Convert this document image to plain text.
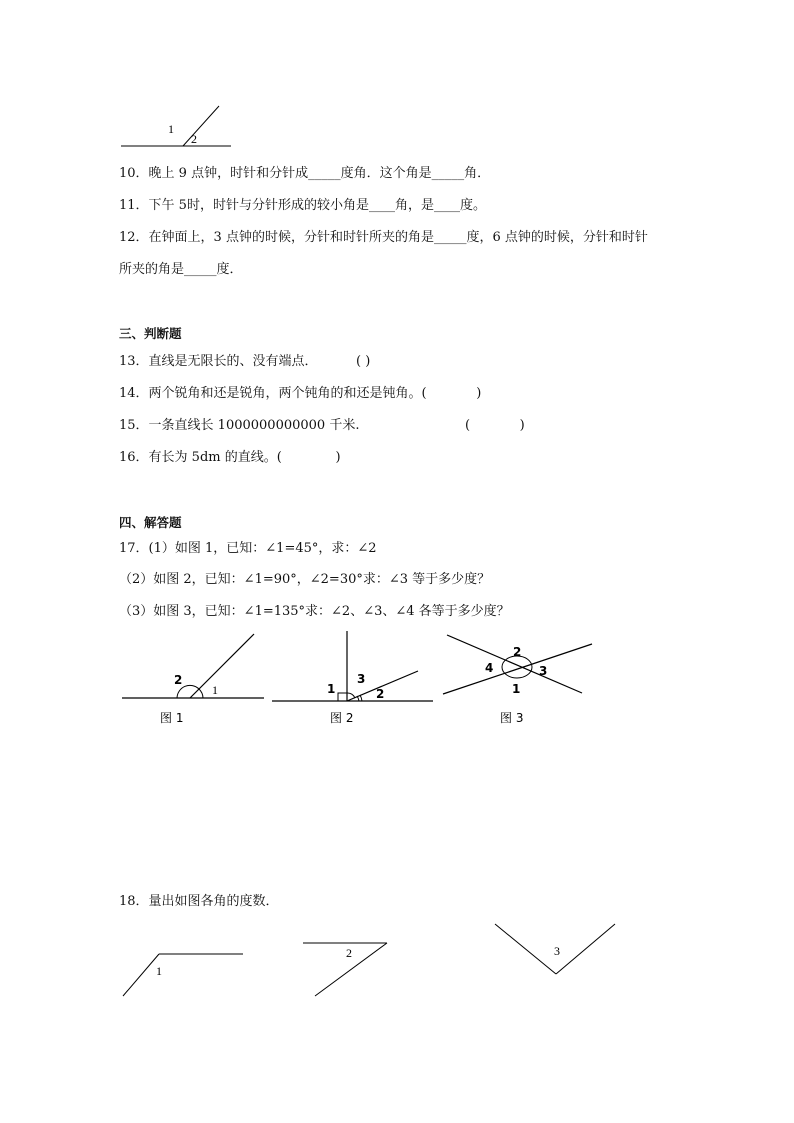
1
2
2
1
图 1
1
3
2
图 2
2
4	3
1
图 3
1
2	3
10．晚上 9 点钟，时针和分针成_____度角．这个角是_____角．
11．下午 5时，时针与分针形成的较小角是____角，是____度。
12．在钟面上，3 点钟的时候，分针和时针所夹的角是_____度，6 点钟的时候，分针和时针
所夹的角是_____度．
三、判断题
13．直线是无限长的、没有端点．	( )
14．两个锐角和还是锐角，两个钝角的和还是钝角。(            )
15．一条直线长 1000000000000 千米.	(            )
16．有长为 5dm 的直线。(             )
四、解答题
17．(1）如图 1，已知：∠1=45°，求：∠2
（2）如图 2，已知：∠1=90°，∠2=30°求：∠3 等于多少度？
（3）如图 3，已知：∠1=135°求：∠2、∠3、∠4 各等于多少度？
18．量出如图各角的度数．
